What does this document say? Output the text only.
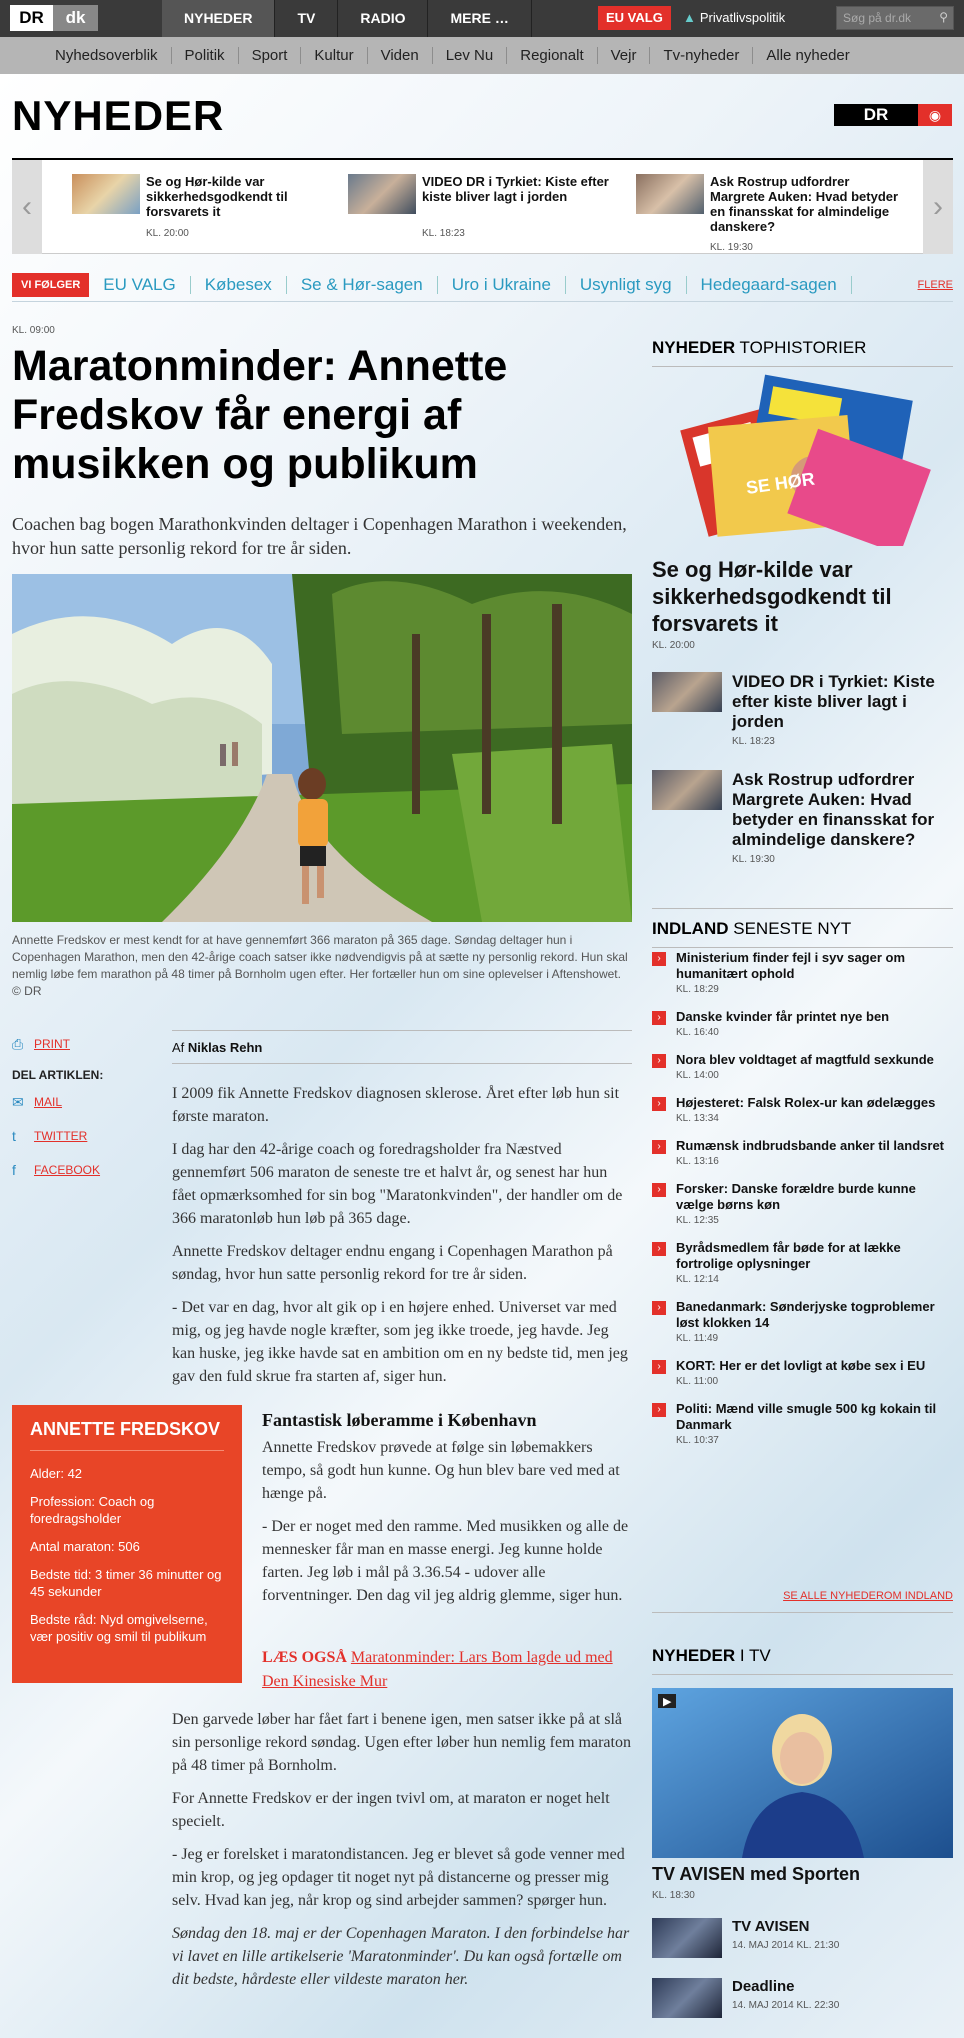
DR	dk	NYHEDER	TV	RADIO	MERE …	EU VALG	▲ Privatlivspolitik	Søg på dr.dk ⚲
Nyhedsoverblik	Politik	Sport	Kultur	Viden	Lev Nu	Regionalt	Vejr	Tv-nyheder	Alle nyheder
NYHEDER	DR	◉
‹
Se og Hør-kilde var sikkerhedsgodkendt til forsvarets it
KL. 20:00
VIDEO DR i Tyrkiet: Kiste efter kiste bliver lagt i jorden
KL. 18:23
Ask Rostrup udfordrer Margrete Auken: Hvad betyder en finansskat for almindelige danskere?
KL. 19:30
›
VI FØLGER	EU VALG	Købesex	Se & Hør-sagen	Uro i Ukraine	Usynligt syg	Hedegaard-sagen	FLERE
KL. 09:00
Maratonminder: Annette Fredskov får energi af musikken og publikum

Coachen bag bogen Marathonkvinden deltager i Copenhagen Marathon i weekenden, hvor hun satte personlig rekord for tre år siden.

Annette Fredskov er mest kendt for at have gennemført 366 maraton på 365 dage. Søndag deltager hun i Copenhagen Marathon, men den 42-årige coach satser ikke nødvendigvis på at sætte ny personlig rekord. Hun skal nemlig løbe fem marathon på 48 timer på Bornholm ugen efter. Her fortæller hun om sine oplevelser i Aftenshowet. © DR

⎙ PRINT
DEL ARTIKLEN:
✉ MAIL
t	TWITTER
f	FACEBOOK
Af Niklas Rehn

I 2009 fik Annette Fredskov diagnosen sklerose. Året efter løb hun sit første maraton.

I dag har den 42-årige coach og foredragsholder fra Næstved gennemført 506 maraton de seneste tre et halvt år, og senest har hun fået opmærksomhed for sin bog "Maratonkvinden", der handler om de 366 maratonløb hun løb på 365 dage.

Annette Fredskov deltager endnu engang i Copenhagen Marathon på søndag, hvor hun satte personlig rekord for tre år siden.

- Det var en dag, hvor alt gik op i en højere enhed. Universet var med mig, og jeg havde nogle kræfter, som jeg ikke troede, jeg havde. Jeg kan huske, jeg ikke havde sat en ambition om en ny bedste tid, men jeg gav den fuld skrue fra starten af, siger hun.

ANNETTE FREDSKOV
Alder: 42
Profession: Coach og foredragsholder
Antal maraton: 506
Bedste tid: 3 timer 36 minutter og 45 sekunder
Bedste råd: Nyd omgivelserne, vær positiv og smil til publikum
Fantastisk løberamme i København

Annette Fredskov prøvede at følge sin løbemakkers tempo, så godt hun kunne. Og hun blev bare ved med at hænge på.

- Der er noget med den ramme. Med musikken og alle de mennesker får man en masse energi. Jeg kunne holde farten. Jeg løb i mål på 3.36.54 - udover alle forventninger. Den dag vil jeg aldrig glemme, siger hun.

LÆS OGSÅ Maratonminder: Lars Bom lagde ud med Den Kinesiske Mur

Den garvede løber har fået fart i benene igen, men satser ikke på at slå sin personlige rekord søndag. Ugen efter løber hun nemlig fem maraton på 48 timer på Bornholm.

For Annette Fredskov er der ingen tvivl om, at maraton er noget helt specielt.

- Jeg er forelsket i maratondistancen. Jeg er blevet så gode venner med min krop, og jeg opdager tit noget nyt på distancerne og presser mig selv. Hvad kan jeg, når krop og sind arbejder sammen? spørger hun.

Søndag den 18. maj er der Copenhagen Maraton. I den forbindelse har vi lavet en lille artikelserie 'Maratonminder'. Du kan også fortælle om dit bedste, hårdeste eller vildeste maraton her.

NYHEDER TOPHISTORIER
SE HØR
Se og Hør-kilde var sikkerhedsgodkendt til forsvarets it
KL. 20:00
VIDEO DR i Tyrkiet: Kiste efter kiste bliver lagt i jorden
KL. 18:23
Ask Rostrup udfordrer Margrete Auken: Hvad betyder en finansskat for almindelige danskere?
KL. 19:30
INDLAND SENESTE NYT
›	Ministerium finder fejl i syv sager om humanitært ophold
KL. 18:29
›	Danske kvinder får printet nye ben
KL. 16:40
›	Nora blev voldtaget af magtfuld sexkunde
KL. 14:00
›	Højesteret: Falsk Rolex-ur kan ødelægges
KL. 13:34
›	Rumænsk indbrudsbande anker til landsret
KL. 13:16
›	Forsker: Danske forældre burde kunne vælge børns køn
KL. 12:35
›	Byrådsmedlem får bøde for at lække fortrolige oplysninger
KL. 12:14
›	Banedanmark: Sønderjyske togproblemer løst klokken 14
KL. 11:49
›	KORT: Her er det lovligt at købe sex i EU
KL. 11:00
›	Politi: Mænd ville smugle 500 kg kokain til Danmark
KL. 10:37
SE ALLE NYHEDEROM INDLAND
NYHEDER I TV
▶
TV AVISEN med Sporten
KL. 18:30
TV AVISEN
14. MAJ 2014 KL. 21:30
Deadline
14. MAJ 2014 KL. 22:30
